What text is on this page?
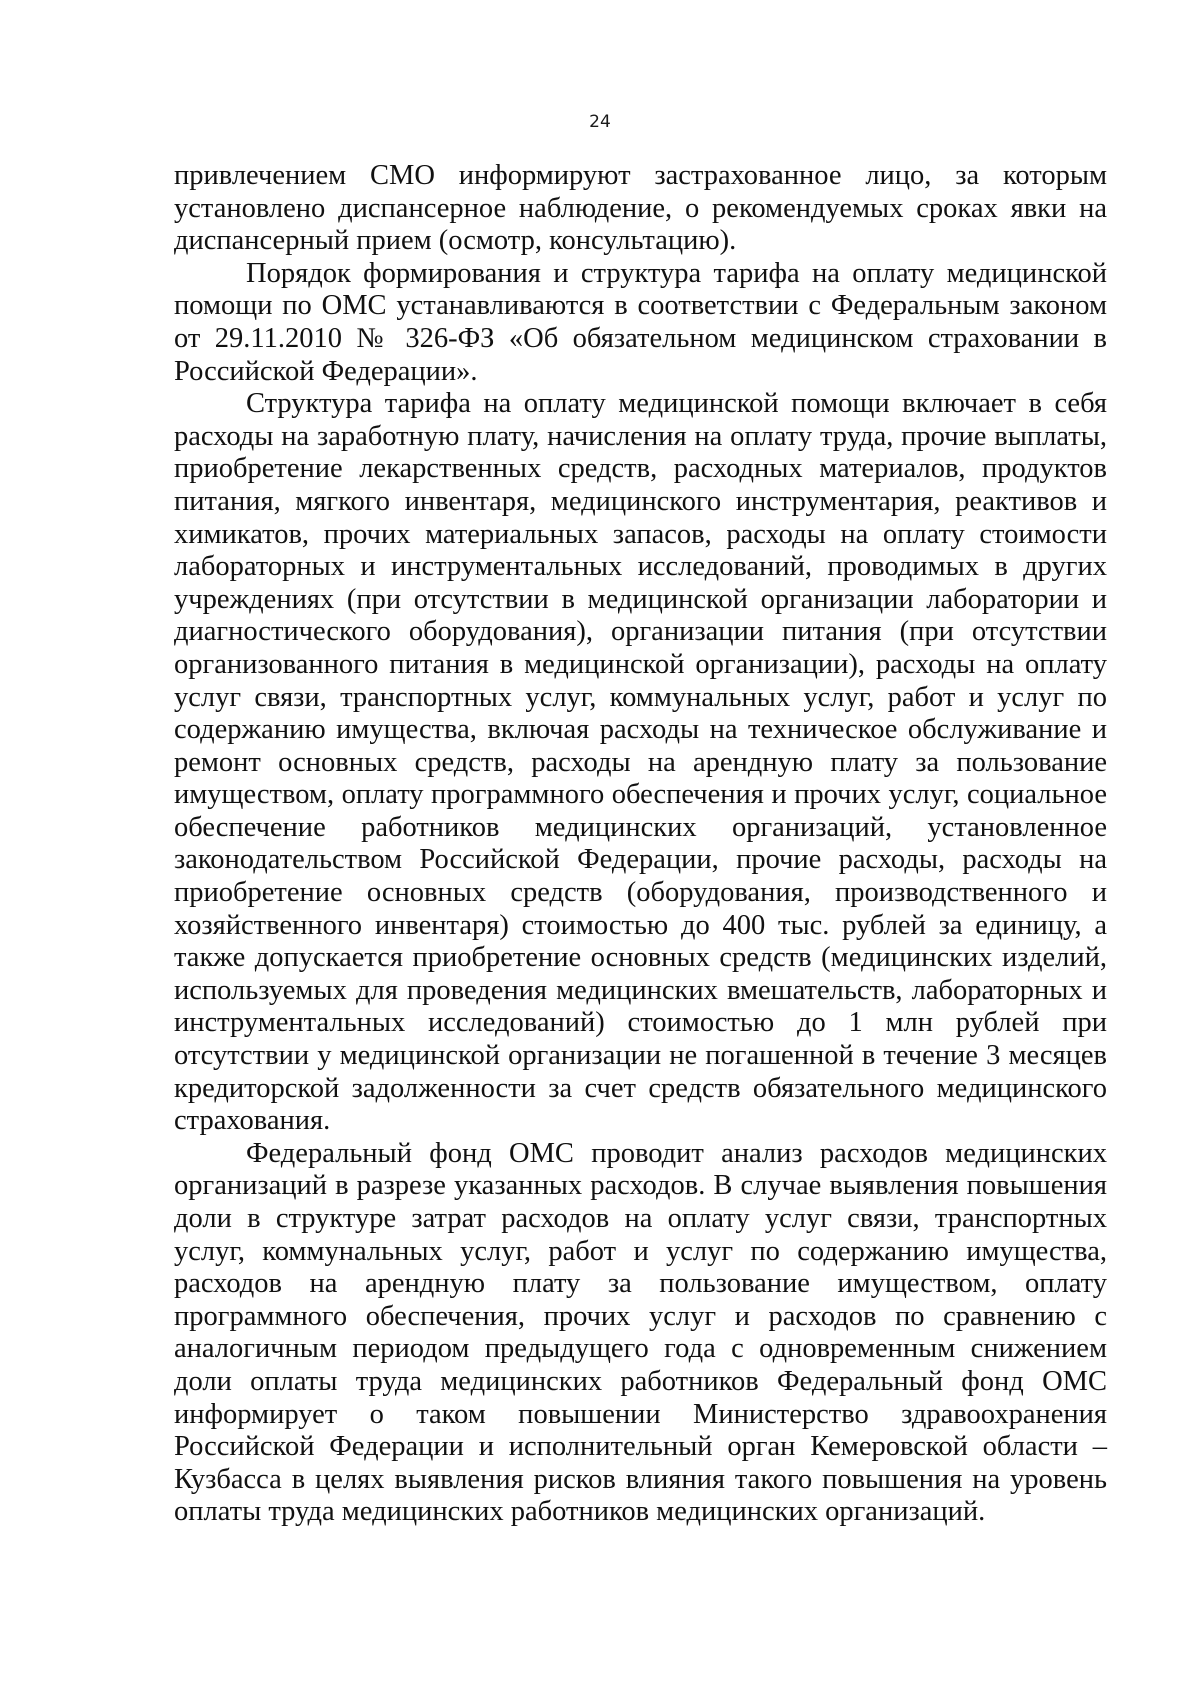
24

привлечением СМО информируют застрахованное лицо, за которым установлено диспансерное наблюдение, о рекомендуемых сроках явки на диспансерный прием (осмотр, консультацию).

Порядок формирования и структура тарифа на оплату медицинской помощи по ОМС устанавливаются в соответствии с Федеральным законом от 29.11.2010 № 326-ФЗ «Об обязательном медицинском страховании в Российской Федерации».

Структура тарифа на оплату медицинской помощи включает в себя расходы на заработную плату, начисления на оплату труда, прочие выплаты, приобретение лекарственных средств, расходных материалов, продуктов питания, мягкого инвентаря, медицинского инструментария, реактивов и химикатов, прочих материальных запасов, расходы на оплату стоимости лабораторных и инструментальных исследований, проводимых в других учреждениях (при отсутствии в медицинской организации лаборатории и диагностического оборудования), организации питания (при отсутствии организованного питания в медицинской организации), расходы на оплату услуг связи, транспортных услуг, коммунальных услуг, работ и услуг по содержанию имущества, включая расходы на техническое обслуживание и ремонт основных средств, расходы на арендную плату за пользование имуществом, оплату программного обеспечения и прочих услуг, социальное обеспечение работников медицинских организаций, установленное законодательством Российской Федерации, прочие расходы, расходы на приобретение основных средств (оборудования, производственного и хозяйственного инвентаря) стоимостью до 400 тыс. рублей за единицу, а также допускается приобретение основных средств (медицинских изделий, используемых для проведения медицинских вмешательств, лабораторных и инструментальных исследований) стоимостью до 1 млн рублей при отсутствии у медицинской организации не погашенной в течение 3 месяцев кредиторской задолженности за счет средств обязательного медицинского страхования.

Федеральный фонд ОМС проводит анализ расходов медицинских организаций в разрезе указанных расходов. В случае выявления повышения доли в структуре затрат расходов на оплату услуг связи, транспортных услуг, коммунальных услуг, работ и услуг по содержанию имущества, расходов на арендную плату за пользование имуществом, оплату программного обеспечения, прочих услуг и расходов по сравнению с аналогичным периодом предыдущего года с одновременным снижением доли оплаты труда медицинских работников Федеральный фонд ОМС информирует о таком повышении Министерство здравоохранения Российской Федерации и исполнительный орган Кемеровской области – Кузбасса в целях выявления рисков влияния такого повышения на уровень оплаты труда медицинских работников медицинских организаций.
